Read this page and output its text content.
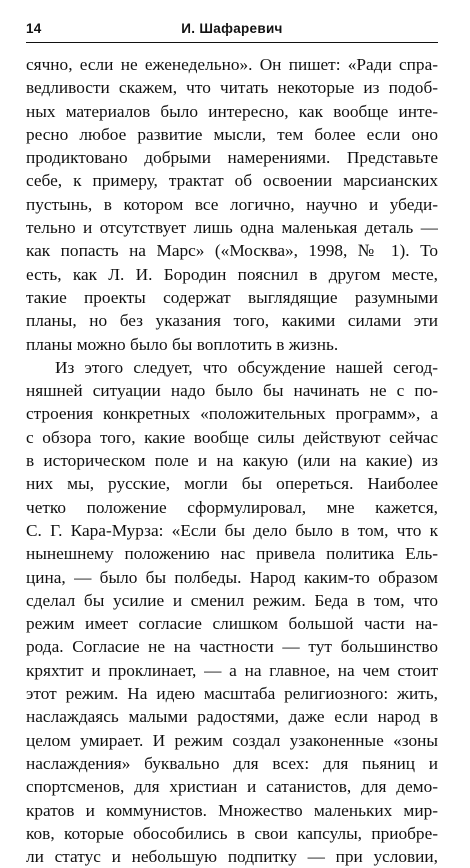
14	И. Шафаревич
сячно, если не еженедельно». Он пишет: «Ради спра-
ведливости скажем, что читать некоторые из подоб-
ных материалов было интересно, как вообще инте-
ресно любое развитие мысли, тем более если оно
продиктовано добрыми намерениями. Представьте
себе, к примеру, трактат об освоении марсианских
пустынь, в котором все логично, научно и убеди-
тельно и отсутствует лишь одна маленькая деталь —
как попасть на Марс» («Москва», 1998, № 1). То
есть, как Л. И. Бородин пояснил в другом месте,
такие проекты содержат выглядящие разумными
планы, но без указания того, какими силами эти
планы можно было бы воплотить в жизнь.
Из этого следует, что обсуждение нашей сегод-
няшней ситуации надо было бы начинать не с по-
строения конкретных «положительных программ», а
с обзора того, какие вообще силы действуют сейчас
в историческом поле и на какую (или на какие) из
них мы, русские, могли бы опереться. Наиболее
четко положение сформулировал, мне кажется,
С. Г. Кара-Мурза: «Если бы дело было в том, что к
нынешнему положению нас привела политика Ель-
цина, — было бы полбеды. Народ каким-то образом
сделал бы усилие и сменил режим. Беда в том, что
режим имеет согласие слишком большой части на-
рода. Согласие не на частности — тут большинство
кряхтит и проклинает, — а на главное, на чем стоит
этот режим. На идею масштаба религиозного: жить,
наслаждаясь малыми радостями, даже если народ в
целом умирает. И режим создал узаконенные «зоны
наслаждения» буквально для всех: для пьяниц и
спортсменов, для христиан и сатанистов, для демо-
кратов и коммунистов. Множество маленьких мир-
ков, которые обособились в свои капсулы, приобре-
ли статус и небольшую подпитку — при условии,
